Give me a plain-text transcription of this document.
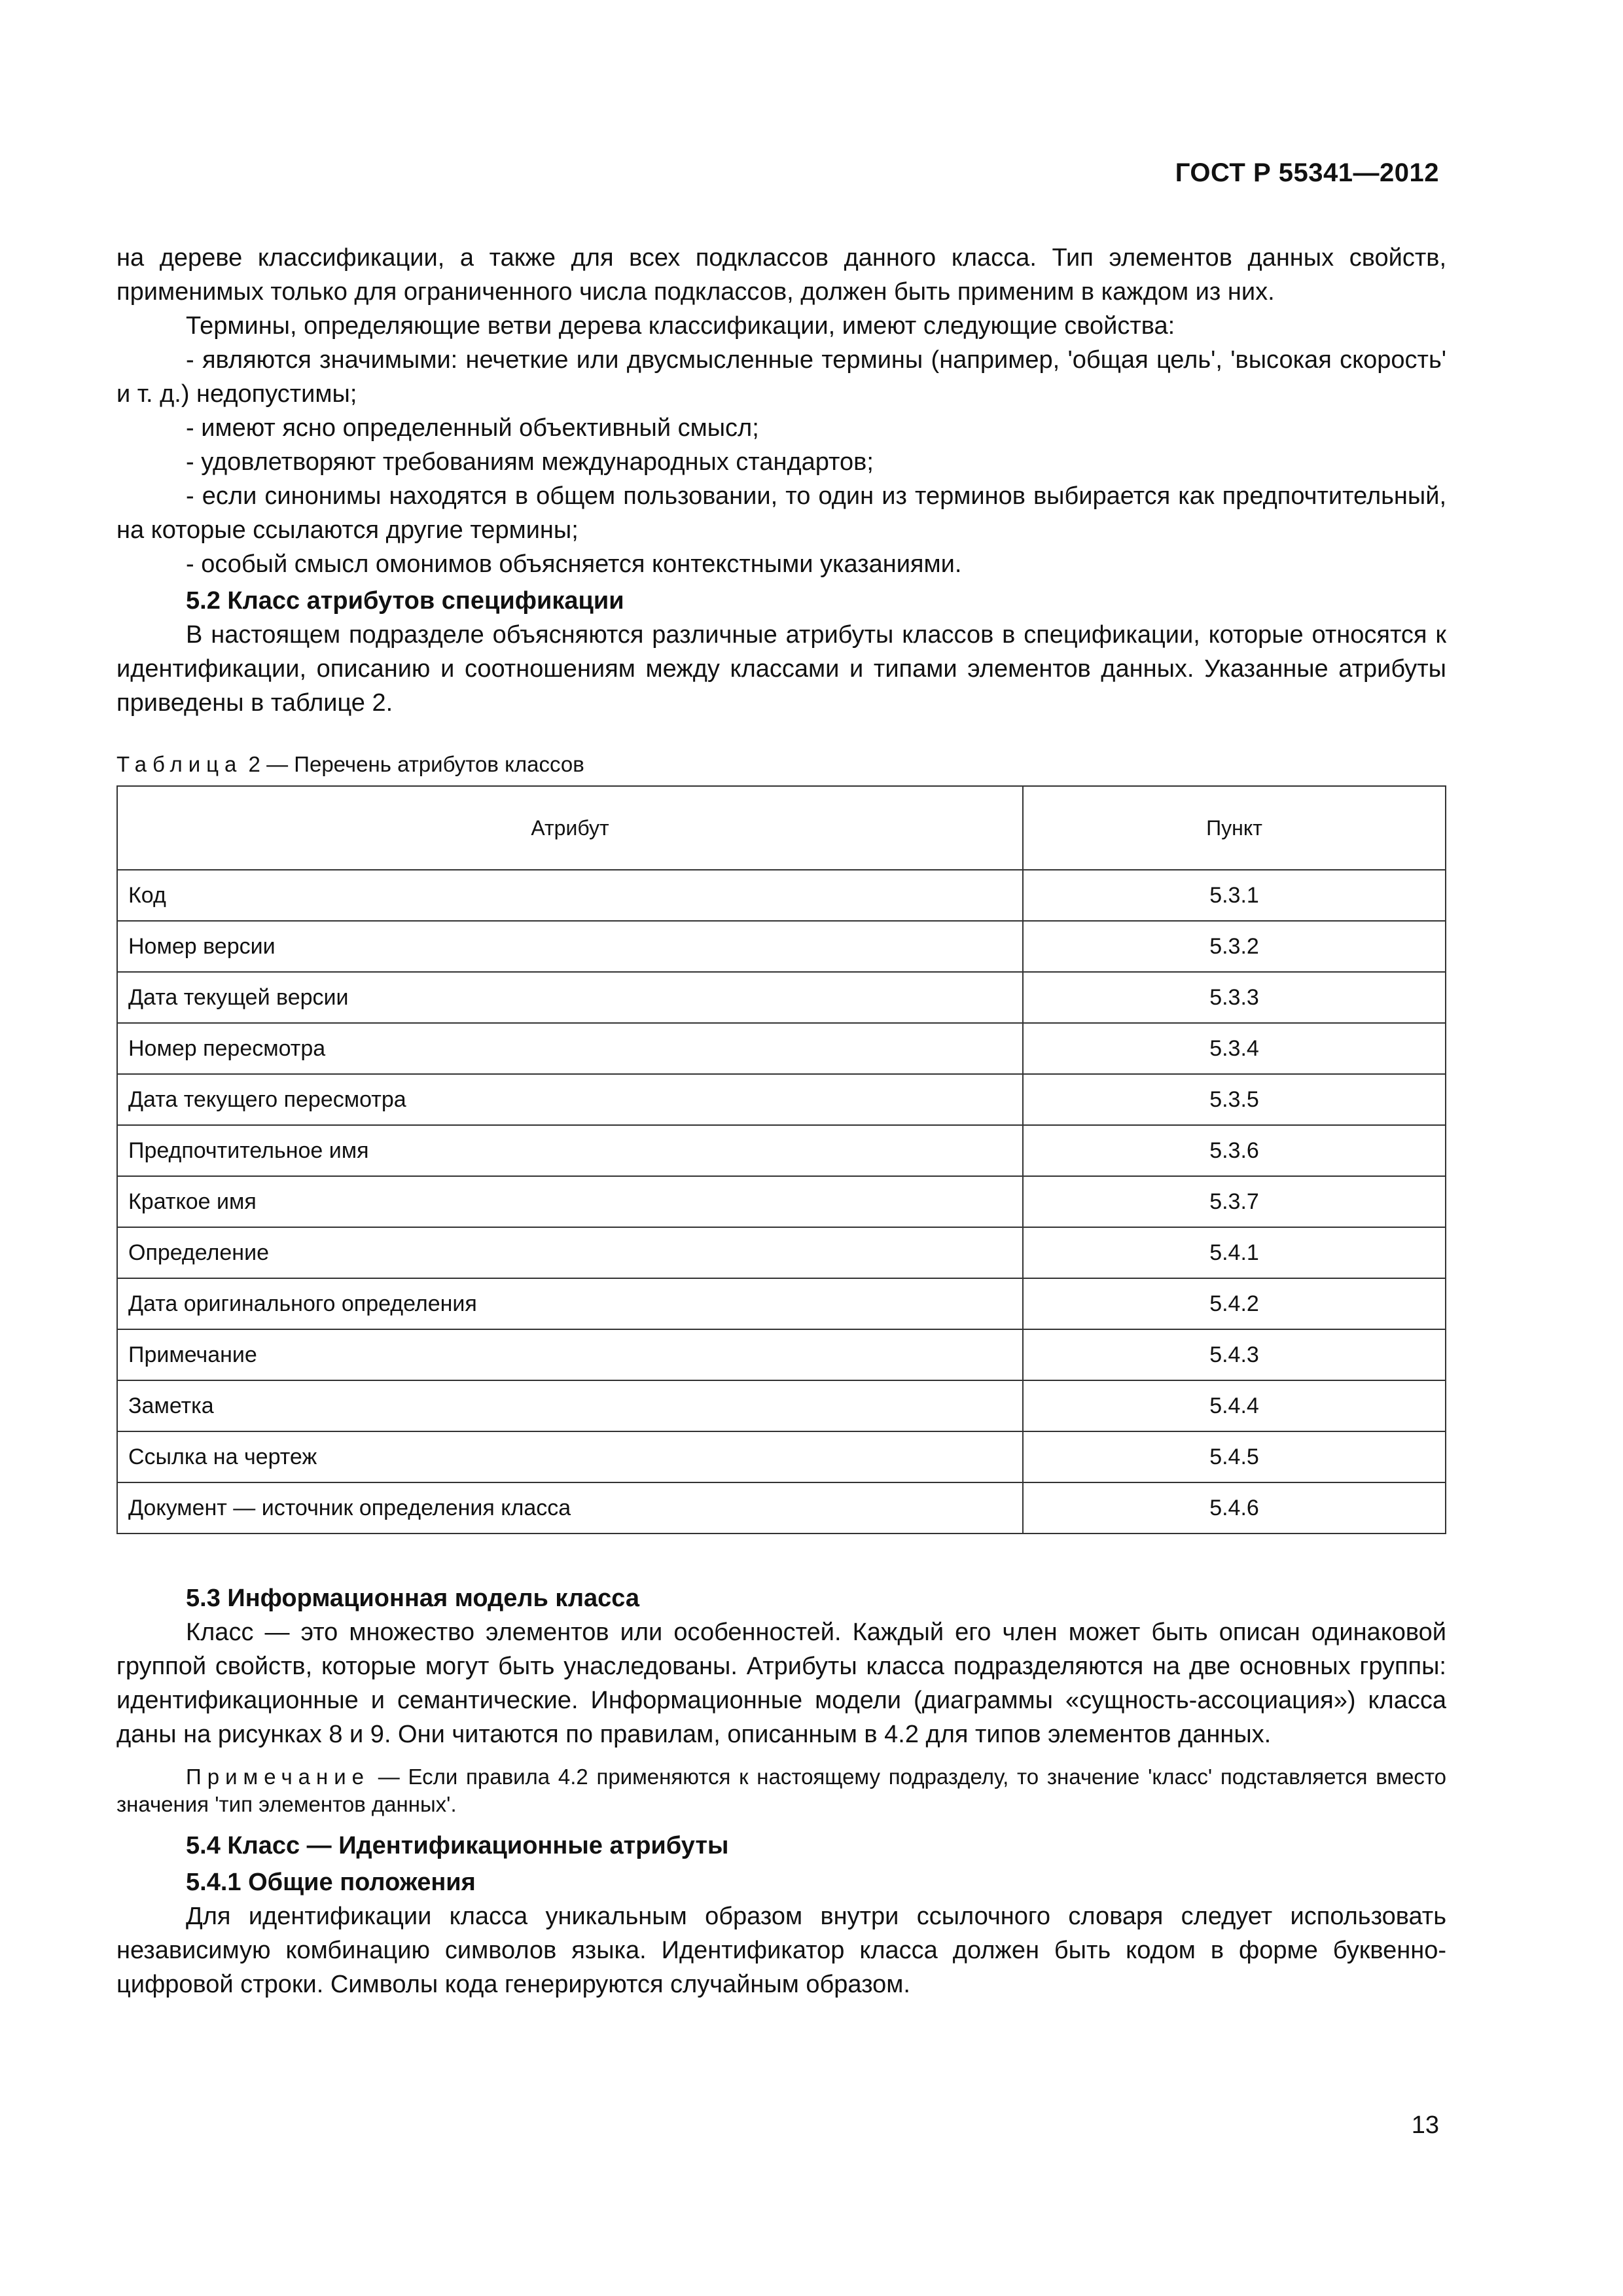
ГОСТ Р 55341—2012

на дереве классификации, а также для всех подклассов данного класса. Тип элементов данных свойств, применимых только для ограниченного числа подклассов, должен быть применим в каждом из них.

Термины, определяющие ветви дерева классификации, имеют следующие свойства:

- являются значимыми: нечеткие или двусмысленные термины (например, 'общая цель', 'высокая скорость' и т. д.) недопустимы;

- имеют ясно определенный объективный смысл;

- удовлетворяют требованиям международных стандартов;

- если синонимы находятся в общем пользовании, то один из терминов выбирается как предпочтительный, на которые ссылаются другие термины;

- особый смысл омонимов объясняется контекстными указаниями.

5.2 Класс атрибутов спецификации

В настоящем подразделе объясняются различные атрибуты классов в спецификации, которые относятся к идентификации, описанию и соотношениям между классами и типами элементов данных. Указанные атрибуты приведены в таблице 2.

Таблица 2 — Перечень атрибутов классов
Атрибут	Пункт
Код	5.3.1
Номер версии	5.3.2
Дата текущей версии	5.3.3
Номер пересмотра	5.3.4
Дата текущего пересмотра	5.3.5
Предпочтительное имя	5.3.6
Краткое имя	5.3.7
Определение	5.4.1
Дата оригинального определения	5.4.2
Примечание	5.4.3
Заметка	5.4.4
Ссылка на чертеж	5.4.5
Документ — источник определения класса	5.4.6

5.3 Информационная модель класса

Класс — это множество элементов или особенностей. Каждый его член может быть описан одинаковой группой свойств, которые могут быть унаследованы. Атрибуты класса подразделяются на две основных группы: идентификационные и семантические. Информационные модели (диаграммы «сущность-ассоциация») класса даны на рисунках 8 и 9. Они читаются по правилам, описанным в 4.2 для типов элементов данных.

Примечание — Если правила 4.2 применяются к настоящему подразделу, то значение 'класс' подставляется вместо значения 'тип элементов данных'.

5.4 Класс — Идентификационные атрибуты

5.4.1 Общие положения

Для идентификации класса уникальным образом внутри ссылочного словаря следует использовать независимую комбинацию символов языка. Идентификатор класса должен быть кодом в форме буквенно-цифровой строки. Символы кода генерируются случайным образом.

13
